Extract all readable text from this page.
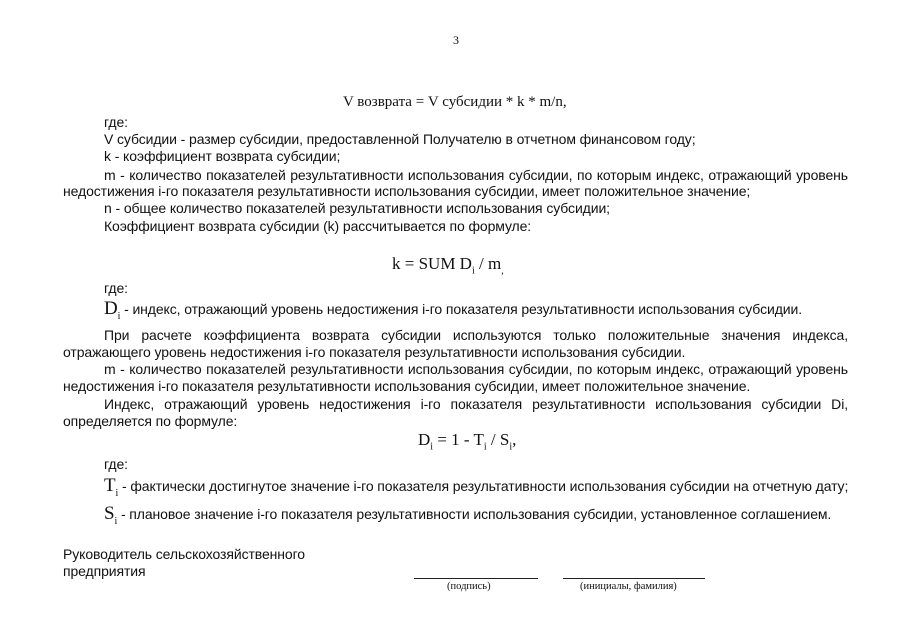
3
V возврата = V субсидии * k * m/n,
где:
V субсидии - размер субсидии, предоставленной Получателю в отчетном финансовом году;
k - коэффициент возврата субсидии;
m - количество показателей результативности использования субсидии, по которым индекс, отражающий уровень
недостижения i-го показателя результативности использования субсидии, имеет положительное значение;
n - общее количество показателей результативности использования субсидии;
Коэффициент возврата субсидии (k) рассчитывается по формуле:
k = SUM $D_i / m_,$
где:
$D_i$ - индекс, отражающий уровень недостижения i-го показателя результативности использования субсидии.
При расчете коэффициента возврата субсидии используются только положительные значения индекса,
отражающего уровень недостижения i-го показателя результативности использования субсидии.
m - количество показателей результативности использования субсидии, по которым индекс, отражающий уровень
недостижения i-го показателя результативности использования субсидии, имеет положительное значение.
Индекс, отражающий уровень недостижения i-го показателя результативности использования субсидии Di,
определяется по формуле:
$D_i = 1 - T_i / S_i$,
где:
$T_i$ - фактически достигнутое значение i-го показателя результативности использования субсидии на отчетную дату;
$S_i$ - плановое значение i-го показателя результативности использования субсидии, установленное соглашением.
Руководитель сельскохозяйственного
предприятия
(подпись)	(инициалы, фамилия)
